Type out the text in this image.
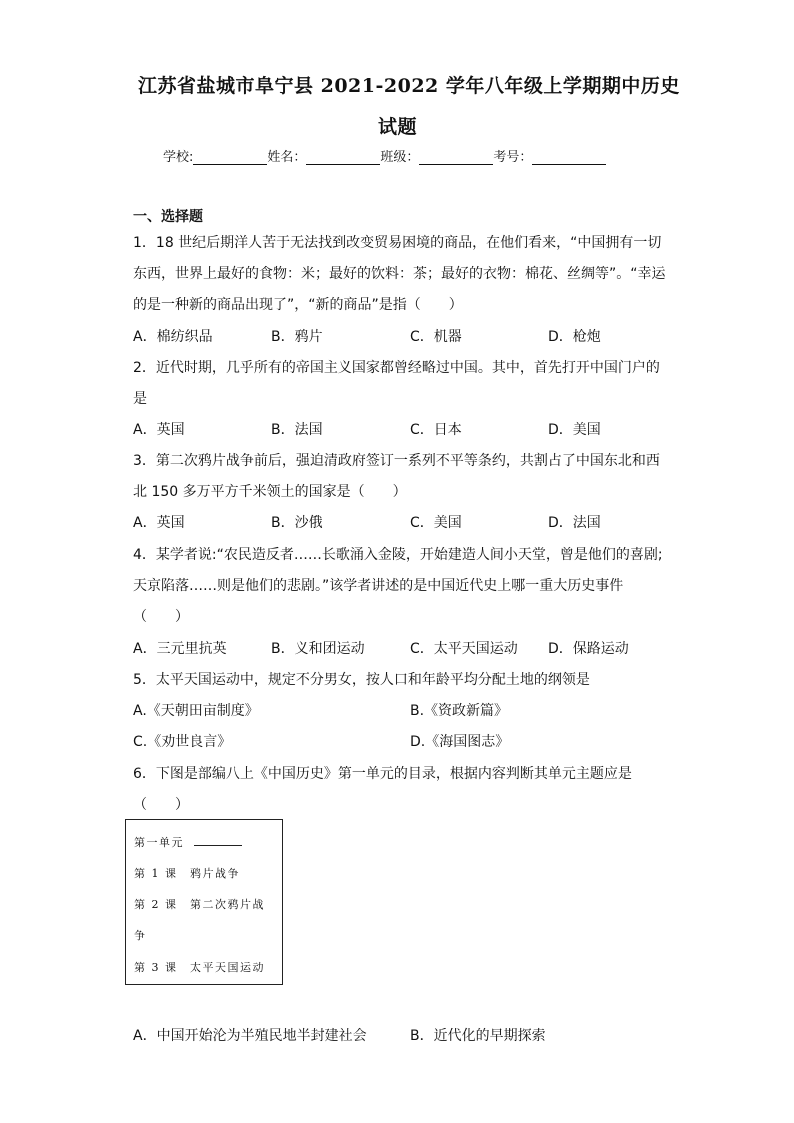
江苏省盐城市阜宁县 2021-2022 学年八年级上学期期中历史
试题
学校:	姓名：	班级：	考号：
一、选择题
1．18 世纪后期洋人苦于无法找到改变贸易困境的商品，在他们看来，“中国拥有一切
东西，世界上最好的食物：米；最好的饮料：茶；最好的衣物：棉花、丝绸等”。“幸运
的是一种新的商品出现了”，“新的商品”是指（　　）
A．棉纺织品	B．鸦片	C．机器	D．枪炮
2．近代时期，几乎所有的帝国主义国家都曾经略过中国。其中，首先打开中国门户的
是
A．英国	B．法国	C．日本	D．美国
3．第二次鸦片战争前后，强迫清政府签订一系列不平等条约，共割占了中国东北和西
北 150 多万平方千米领土的国家是（　　）
A．英国	B．沙俄	C．美国	D．法国
4．某学者说:“农民造反者……长歌涌入金陵，开始建造人间小天堂，曾是他们的喜剧;
天京陷落……则是他们的悲剧。”该学者讲述的是中国近代史上哪一重大历史事件
（　　）
A．三元里抗英	B．义和团运动	C．太平天国运动 D．保路运动
5．太平天国运动中，规定不分男女，按人口和年龄平均分配土地的纲领是
A.《天朝田亩制度》	B.《资政新篇》
C.《劝世良言》	D.《海国图志》
6．下图是部编八上《中国历史》第一单元的目录，根据内容判断其单元主题应是
（　　）
第一单元
第 1 课　鸦片战争
第 2 课　第二次鸦片战
争
第 3 课　太平天国运动
A．中国开始沦为半殖民地半封建社会	B．近代化的早期探索
